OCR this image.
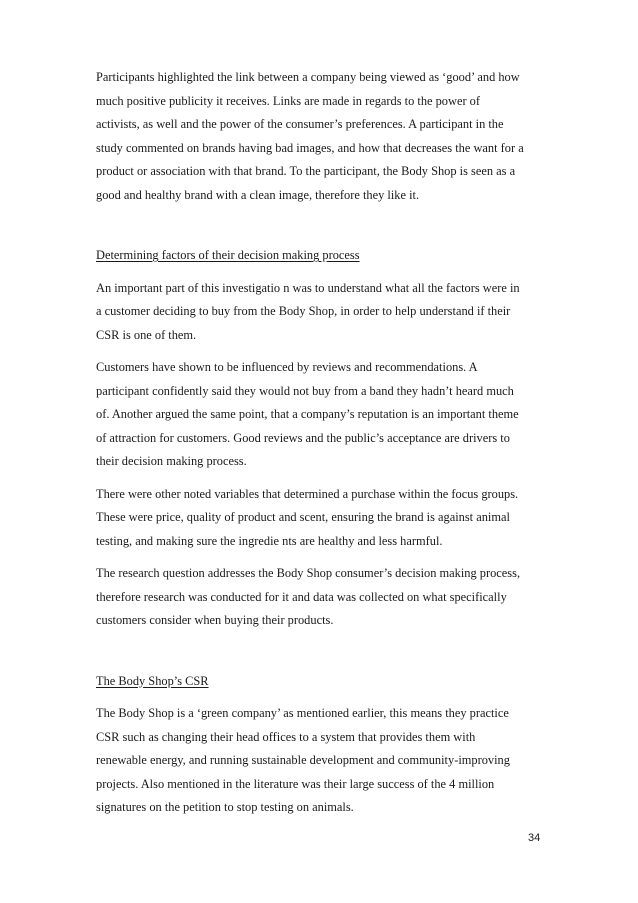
Participants highlighted the link between a company being viewed as ‘good’ and how
much positive publicity it receives. Links are made in regards to the power of
activists, as well and the power of the consumer’s preferences. A participant in the
study commented on brands having bad images, and how that decreases the want for a
product or association with that brand. To the participant, the Body Shop is seen as a
good and healthy brand with a clean image, therefore they like it.
Determining factors of their decision making process
An important part of this investigatio n was to understand what all the factors were in
a customer deciding to buy from the Body Shop, in order to help understand if their
CSR is one of them.
Customers have shown to be influenced by reviews and recommendations. A
participant confidently said they would not buy from a band they hadn’t heard much
of. Another argued the same point, that a company’s reputation is an important theme
of attraction for customers. Good reviews and the public’s acceptance are drivers to
their decision making process.
There were other noted variables that determined a purchase within the focus groups.
These were price, quality of product and scent, ensuring the brand is against animal
testing, and making sure the ingredie nts are healthy and less harmful.
The research question addresses the Body Shop consumer’s decision making process,
therefore research was conducted for it and data was collected on what specifically
customers consider when buying their products.
The Body Shop’s CSR
The Body Shop is a ‘green company’ as mentioned earlier, this means they practice
CSR such as changing their head offices to a system that provides them with
renewable energy, and running sustainable development and community-improving
projects. Also mentioned in the literature was their large success of the 4 million
signatures on the petition to stop testing on animals.
34
